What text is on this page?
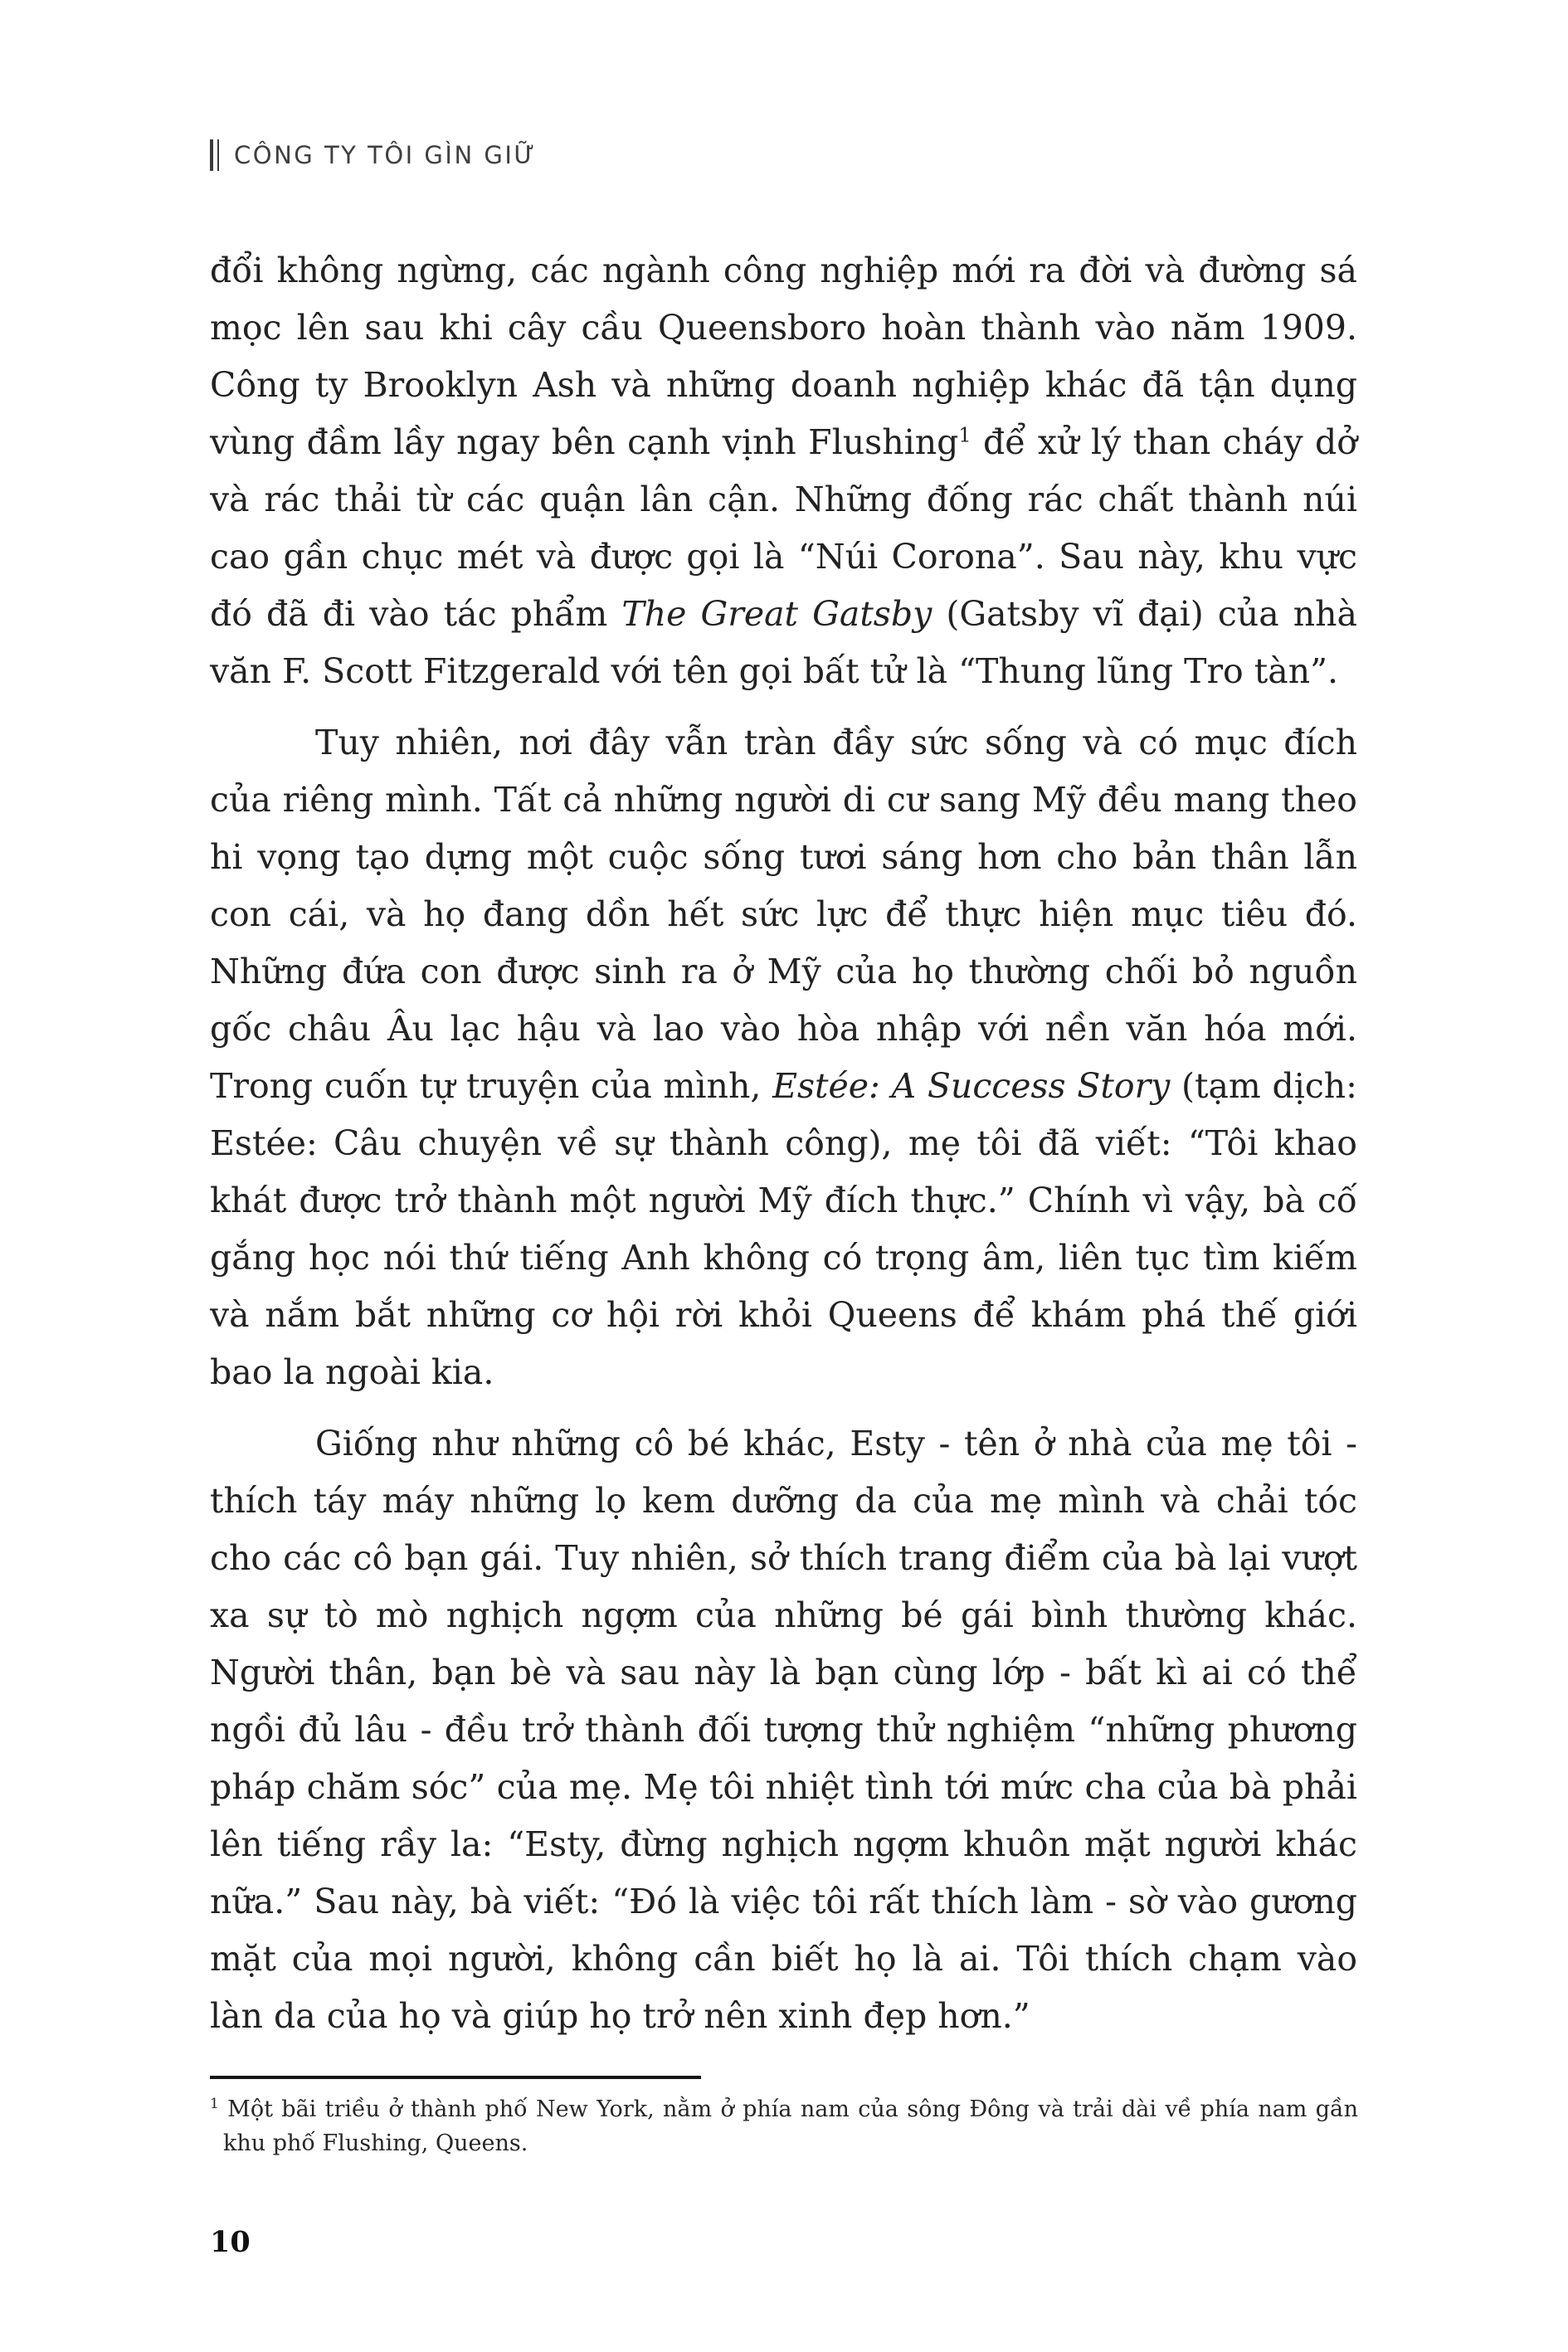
CÔNG TY TÔI GÌN GIỮ

đổi không ngừng, các ngành công nghiệp mới ra đời và đường sá mọc lên sau khi cây cầu Queensboro hoàn thành vào năm 1909. Công ty Brooklyn Ash và những doanh nghiệp khác đã tận dụng vùng đầm lầy ngay bên cạnh vịnh Flushing$^1$ để xử lý than cháy dở và rác thải từ các quận lân cận. Những đống rác chất thành núi cao gần chục mét và được gọi là “Núi Corona”. Sau này, khu vực đó đã đi vào tác phẩm The Great Gatsby (Gatsby vĩ đại) của nhà văn F. Scott Fitzgerald với tên gọi bất tử là “Thung lũng Tro tàn”.

Tuy nhiên, nơi đây vẫn tràn đầy sức sống và có mục đích của riêng mình. Tất cả những người di cư sang Mỹ đều mang theo hi vọng tạo dựng một cuộc sống tươi sáng hơn cho bản thân lẫn con cái, và họ đang dồn hết sức lực để thực hiện mục tiêu đó. Những đứa con được sinh ra ở Mỹ của họ thường chối bỏ nguồn gốc châu Âu lạc hậu và lao vào hòa nhập với nền văn hóa mới. Trong cuốn tự truyện của mình, Estée: A Success Story (tạm dịch: Estée: Câu chuyện về sự thành công), mẹ tôi đã viết: “Tôi khao khát được trở thành một người Mỹ đích thực.” Chính vì vậy, bà cố gắng học nói thứ tiếng Anh không có trọng âm, liên tục tìm kiếm và nắm bắt những cơ hội rời khỏi Queens để khám phá thế giới bao la ngoài kia.

Giống như những cô bé khác, Esty - tên ở nhà của mẹ tôi - thích táy máy những lọ kem dưỡng da của mẹ mình và chải tóc cho các cô bạn gái. Tuy nhiên, sở thích trang điểm của bà lại vượt xa sự tò mò nghịch ngợm của những bé gái bình thường khác. Người thân, bạn bè và sau này là bạn cùng lớp - bất kì ai có thể ngồi đủ lâu - đều trở thành đối tượng thử nghiệm “những phương pháp chăm sóc” của mẹ. Mẹ tôi nhiệt tình tới mức cha của bà phải lên tiếng rầy la: “Esty, đừng nghịch ngợm khuôn mặt người khác nữa.” Sau này, bà viết: “Đó là việc tôi rất thích làm - sờ vào gương mặt của mọi người, không cần biết họ là ai. Tôi thích chạm vào làn da của họ và giúp họ trở nên xinh đẹp hơn.”

$^1$ Một bãi triều ở thành phố New York, nằm ở phía nam của sông Đông và trải dài về phía nam gần khu phố Flushing, Queens.

10
